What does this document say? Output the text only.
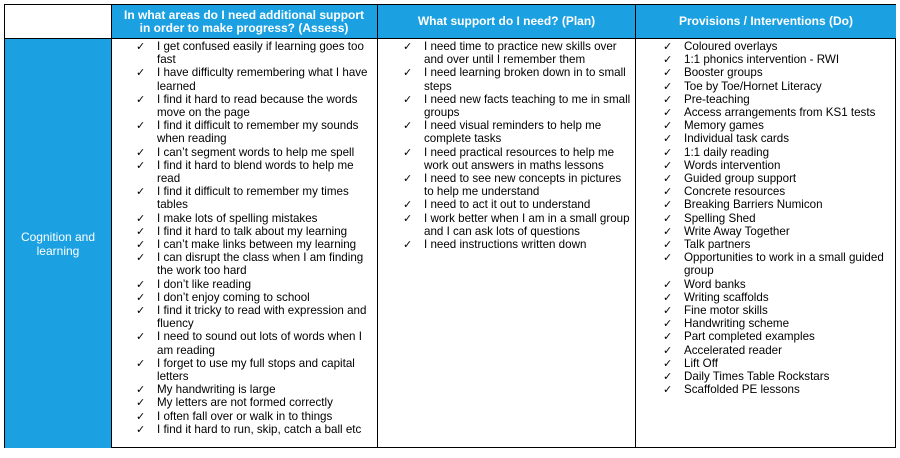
In what areas do I need additional support in order to make progress? (Assess)	What support do I need? (Plan)	Provisions / Interventions (Do)
Cognition and learning
✓ I get confused easily if learning goes too fast
✓ I have difficulty remembering what I have learned
✓ I find it hard to read because the words move on the page
✓ I find it difficult to remember my sounds when reading
✓ I can’t segment words to help me spell
✓ I find it hard to blend words to help me read
✓ I find it difficult to remember my times tables
✓ I make lots of spelling mistakes
✓ I find it hard to talk about my learning
✓ I can’t make links between my learning
✓ I can disrupt the class when I am finding the work too hard
✓ I don’t like reading
✓ I don’t enjoy coming to school
✓ I find it tricky to read with expression and fluency
✓ I need to sound out lots of words when I am reading
✓ I forget to use my full stops and capital letters
✓ My handwriting is large
✓ My letters are not formed correctly
✓ I often fall over or walk in to things
✓ I find it hard to run, skip, catch a ball etc
✓ I need time to practice new skills over and over until I remember them
✓ I need learning broken down in to small steps
✓ I need new facts teaching to me in small groups
✓ I need visual reminders to help me complete tasks
✓ I need practical resources to help me work out answers in maths lessons
✓ I need to see new concepts in pictures to help me understand
✓ I need to act it out to understand
✓ I work better when I am in a small group and I can ask lots of questions
✓ I need instructions written down
✓ Coloured overlays
✓ 1:1 phonics intervention - RWI
✓ Booster groups
✓ Toe by Toe/Hornet Literacy
✓ Pre-teaching
✓ Access arrangements from KS1 tests
✓ Memory games
✓ Individual task cards
✓ 1:1 daily reading
✓ Words intervention
✓ Guided group support
✓ Concrete resources
✓ Breaking Barriers Numicon
✓ Spelling Shed
✓ Write Away Together
✓ Talk partners
✓ Opportunities to work in a small guided group
✓ Word banks
✓ Writing scaffolds
✓ Fine motor skills
✓ Handwriting scheme
✓ Part completed examples
✓ Accelerated reader
✓ Lift Off
✓ Daily Times Table Rockstars
✓ Scaffolded PE lessons
